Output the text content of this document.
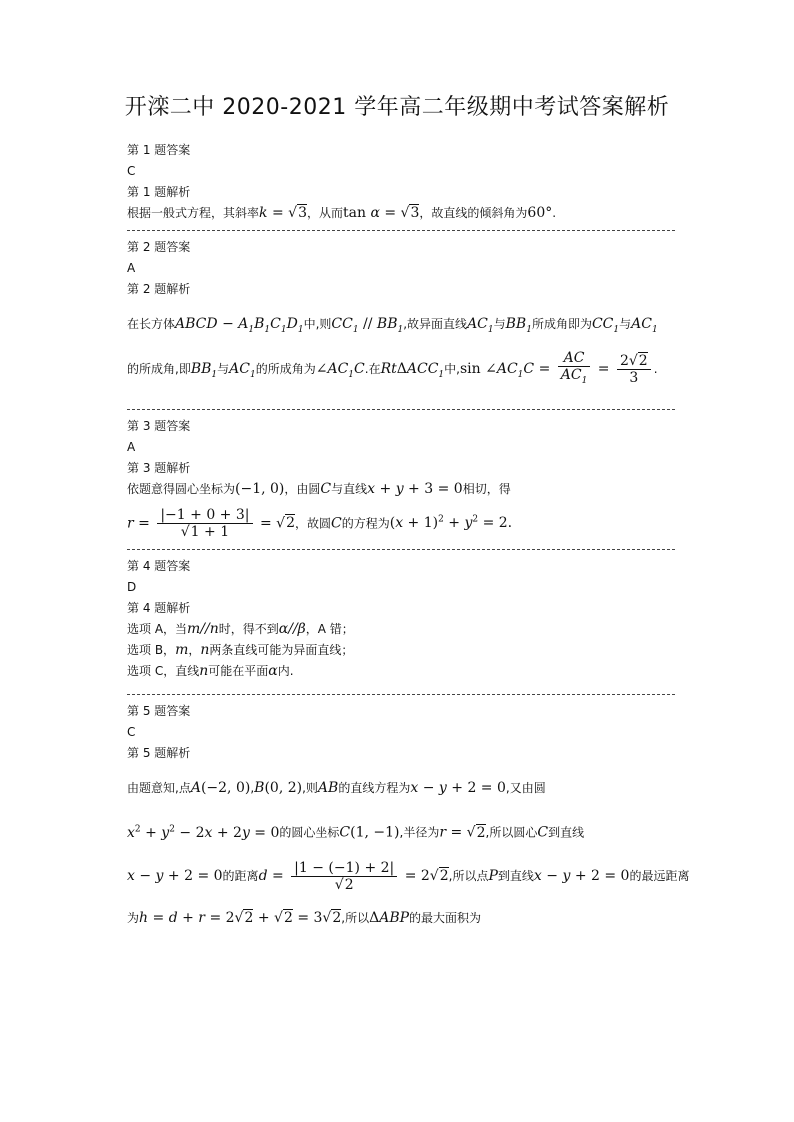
开滦二中 2020-2021 学年高二年级期中考试答案解析
第 1 题答案
C
第 1 题解析
根据一般式方程，其斜率k = √3，从而tan α = √3，故直线的倾斜角为60°.
第 2 题答案
A
第 2 题解析
在长方体ABCD − $A_1B_1C_1D_1$中,则$CC_1 // BB_1$,故异面直线$AC_1$与$BB_1$所成角即为$CC_1$与$AC_1$
的所成角,即$BB_1$与$AC_1$的所成角为$\angle AC_1C$.在RtΔACC$_1$中,sin $\angle AC_1C = \frac{AC}{AC_1} = \frac{2√2}{3}$ .
第 3 题答案
A
第 3 题解析
依题意得圆心坐标为(−1, 0)，由圆C与直线x + y + 3 = 0相切，得
$r = \frac{|-1 + 0 + 3|}{√1 + 1} = √2$，故圆C的方程为$(x + 1)^2 + y^2 = 2$.
第 4 题答案
D
第 4 题解析
选项 A，当m//n时，得不到α//β，A 错；
选项 B，m，n两条直线可能为异面直线；
选项 C，直线n可能在平面α内.
第 5 题答案
C
第 5 题解析
由题意知,点A(−2, 0),B(0, 2),则AB的直线方程为x − y + 2 = 0,又由圆
$x^2 + y^2 - 2x + 2y = 0$的圆心坐标C(1, −1),半径为r = √2,所以圆心C到直线
x − y + 2 = 0的距离$d = \frac{|1 - (-1) + 2|}{√2} = 2√2$,所以点P到直线x − y + 2 = 0的最远距离
为h = d + r = 2√2 + √2 = 3√2,所以ΔABP的最大面积为
